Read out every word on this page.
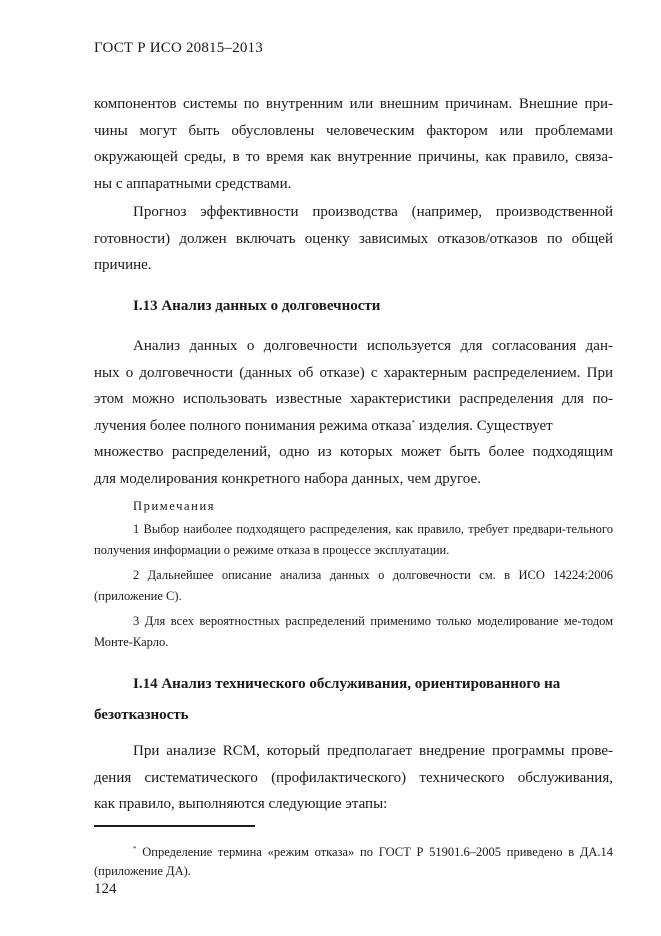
ГОСТ Р ИСО 20815–2013

компонентов системы по внутренним или внешним причинам. Внешние при-

чины могут быть обусловлены человеческим фактором или проблемами

окружающей среды, в то время как внутренние причины, как правило, связа-

ны с аппаратными средствами.

Прогноз эффективности производства (например, производственной

готовности) должен включать оценку зависимых отказов/отказов по общей

причине.

I.13 Анализ данных о долговечности

Анализ данных о долговечности используется для согласования дан-

ных о долговечности (данных об отказе) с характерным распределением. При

этом можно использовать известные характеристики распределения для по-

лучения более полного понимания режима отказа* изделия. Существует

множество распределений, одно из которых может быть более подходящим

для моделирования конкретного набора данных, чем другое.

Примечания

1 Выбор наиболее подходящего распределения, как правило, требует предвари-тельного получения информации о режиме отказа в процессе эксплуатации.

2 Дальнейшее описание анализа данных о долговечности см. в ИСО 14224:2006 (приложение С).

3 Для всех вероятностных распределений применимо только моделирование ме-тодом Монте-Карло.

I.14 Анализ технического обслуживания, ориентированного на

безотказность

При анализе RCM, который предполагает внедрение программы прове-

дения систематического (профилактического) технического обслуживания,

как правило, выполняются следующие этапы:

* Определение термина «режим отказа» по ГОСТ Р 51901.6–2005 приведено в ДА.14 (приложение ДА).

124
